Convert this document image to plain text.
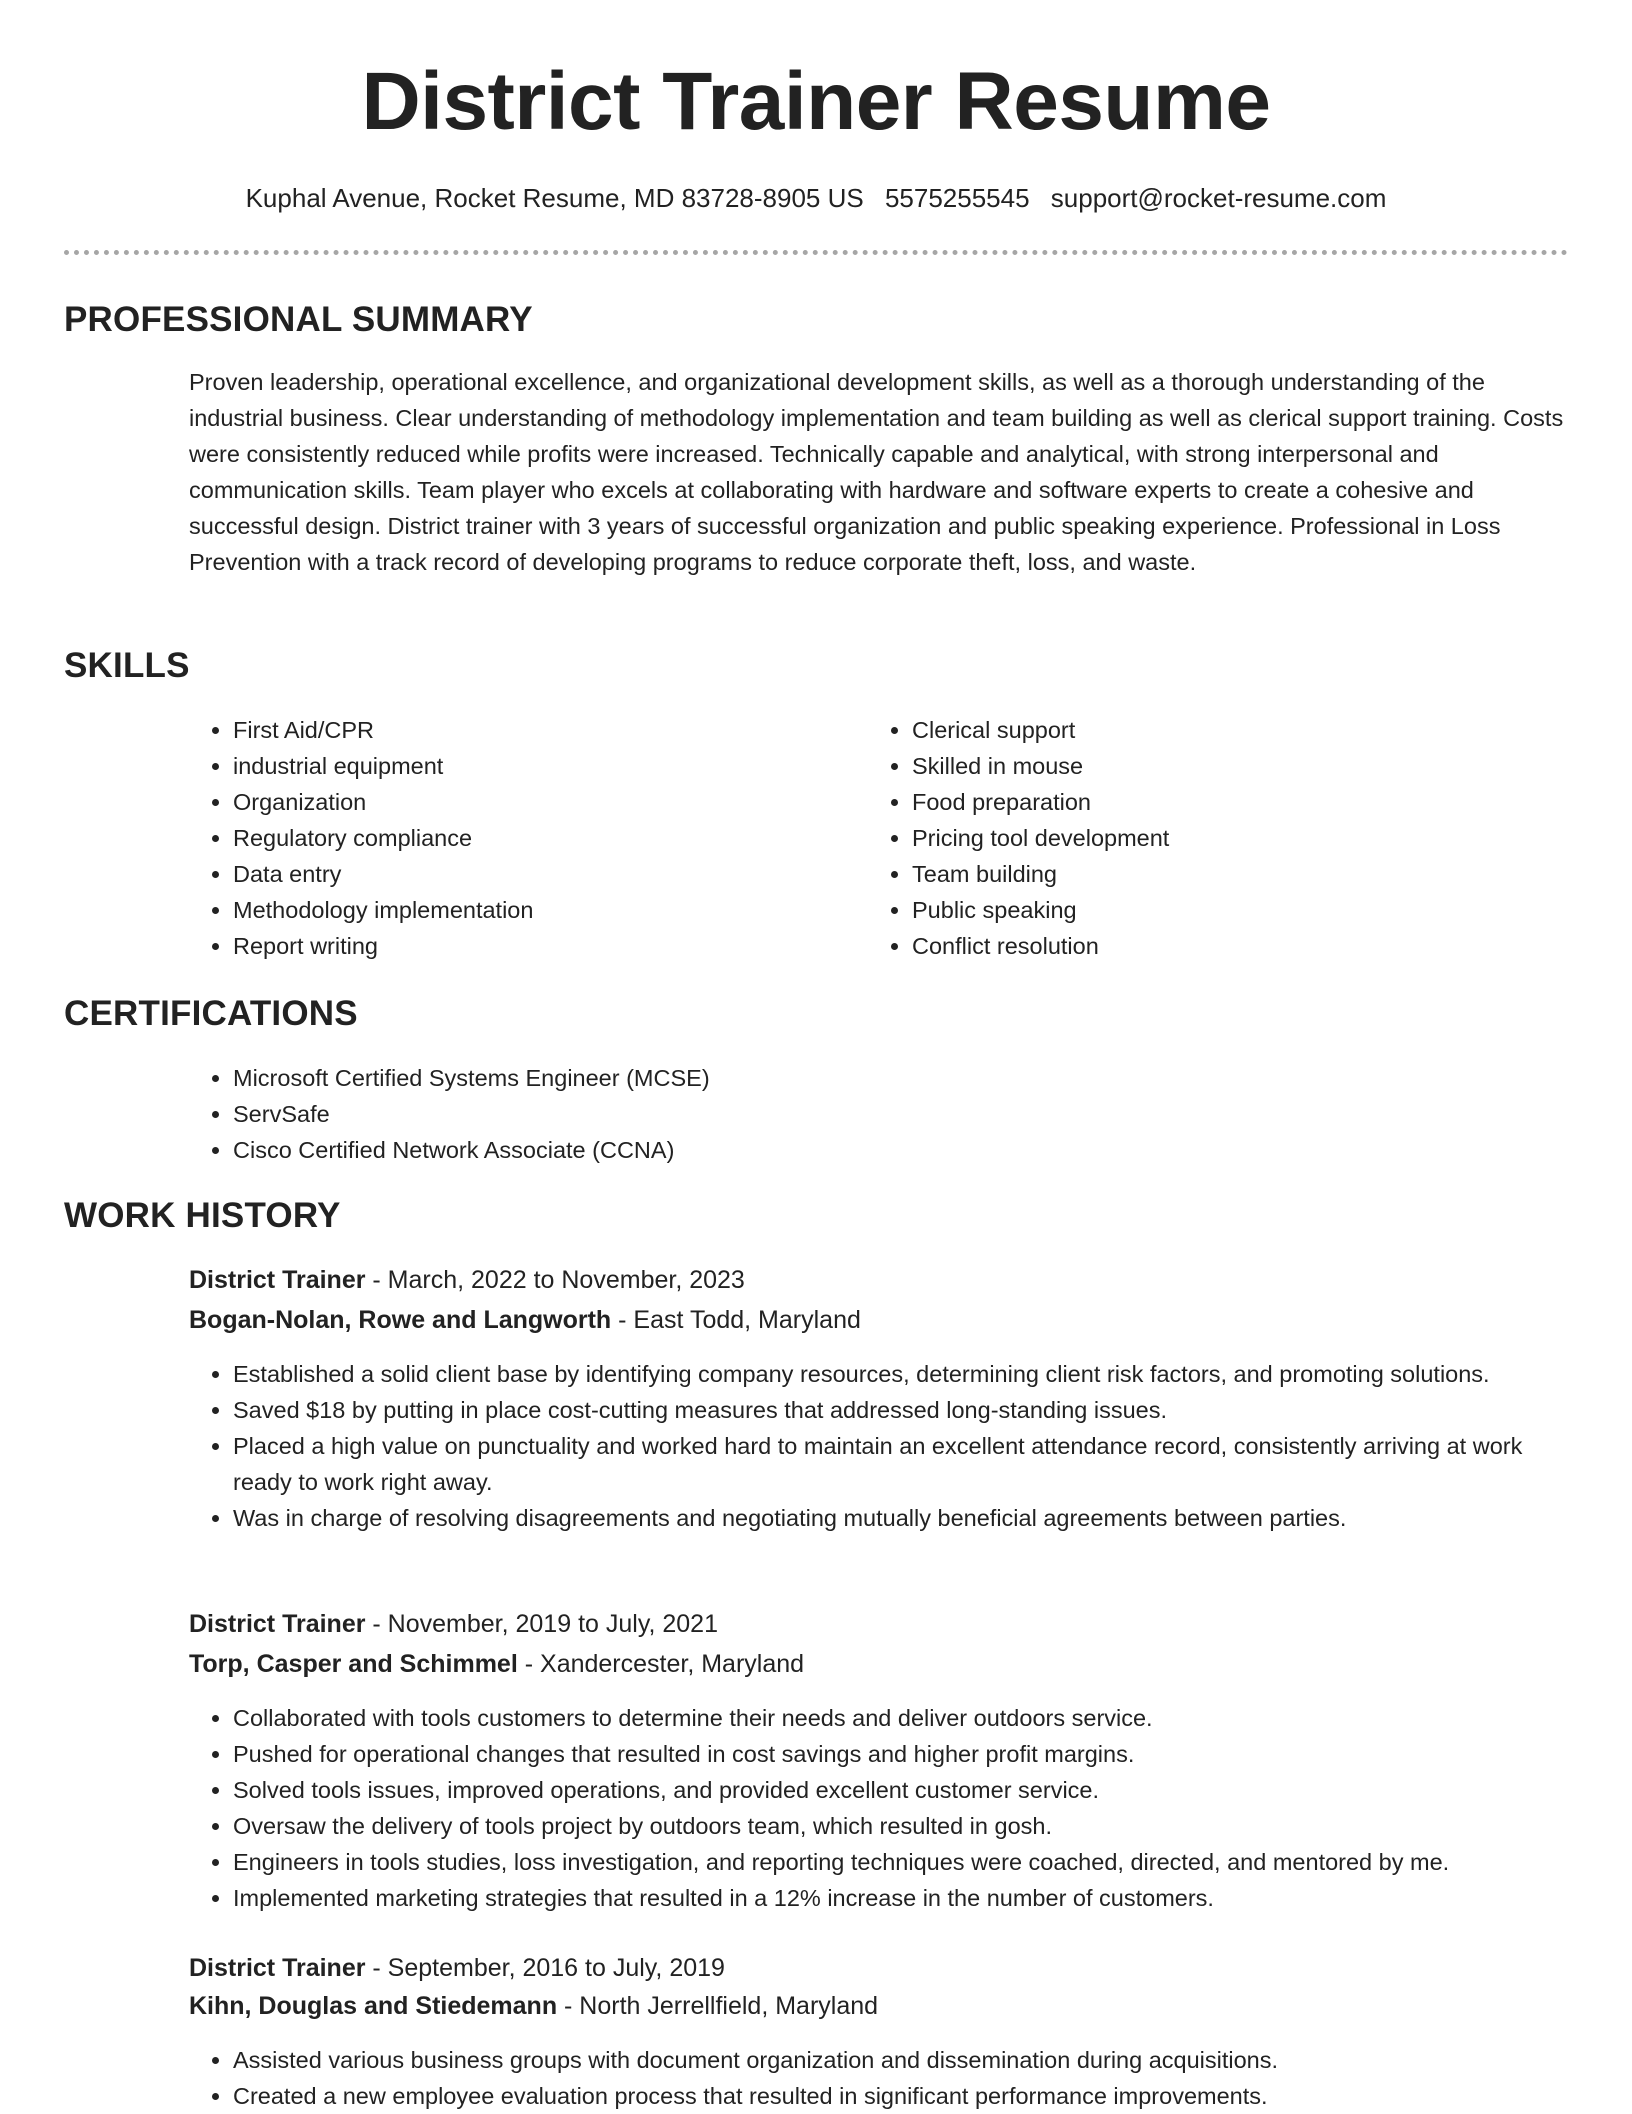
District Trainer Resume
Kuphal Avenue, Rocket Resume, MD 83728-8905 US 5575255545 support@rocket-resume.com
PROFESSIONAL SUMMARY

Proven leadership, operational excellence, and organizational development skills, as well as a thorough understanding of the industrial business. Clear understanding of methodology implementation and team building as well as clerical support training. Costs were consistently reduced while profits were increased. Technically capable and analytical, with strong interpersonal and communication skills. Team player who excels at collaborating with hardware and software experts to create a cohesive and successful design. District trainer with 3 years of successful organization and public speaking experience. Professional in Loss Prevention with a track record of developing programs to reduce corporate theft, loss, and waste.

SKILLS
• First Aid/CPR
• industrial equipment
• Organization
• Regulatory compliance
• Data entry
• Methodology implementation
• Report writing
• Clerical support
• Skilled in mouse
• Food preparation
• Pricing tool development
• Team building
• Public speaking
• Conflict resolution
CERTIFICATIONS
• Microsoft Certified Systems Engineer (MCSE)
• ServSafe
• Cisco Certified Network Associate (CCNA)
WORK HISTORY
District Trainer - March, 2022 to November, 2023
Bogan-Nolan, Rowe and Langworth - East Todd, Maryland
• Established a solid client base by identifying company resources, determining client risk factors, and promoting solutions.
• Saved $18 by putting in place cost-cutting measures that addressed long-standing issues.
• Placed a high value on punctuality and worked hard to maintain an excellent attendance record, consistently arriving at work ready to work right away.
• Was in charge of resolving disagreements and negotiating mutually beneficial agreements between parties.
District Trainer - November, 2019 to July, 2021
Torp, Casper and Schimmel - Xandercester, Maryland
• Collaborated with tools customers to determine their needs and deliver outdoors service.
• Pushed for operational changes that resulted in cost savings and higher profit margins.
• Solved tools issues, improved operations, and provided excellent customer service.
• Oversaw the delivery of tools project by outdoors team, which resulted in gosh.
• Engineers in tools studies, loss investigation, and reporting techniques were coached, directed, and mentored by me.
• Implemented marketing strategies that resulted in a 12% increase in the number of customers.
District Trainer - September, 2016 to July, 2019
Kihn, Douglas and Stiedemann - North Jerrellfield, Maryland
• Assisted various business groups with document organization and dissemination during acquisitions.
• Created a new employee evaluation process that resulted in significant performance improvements.
